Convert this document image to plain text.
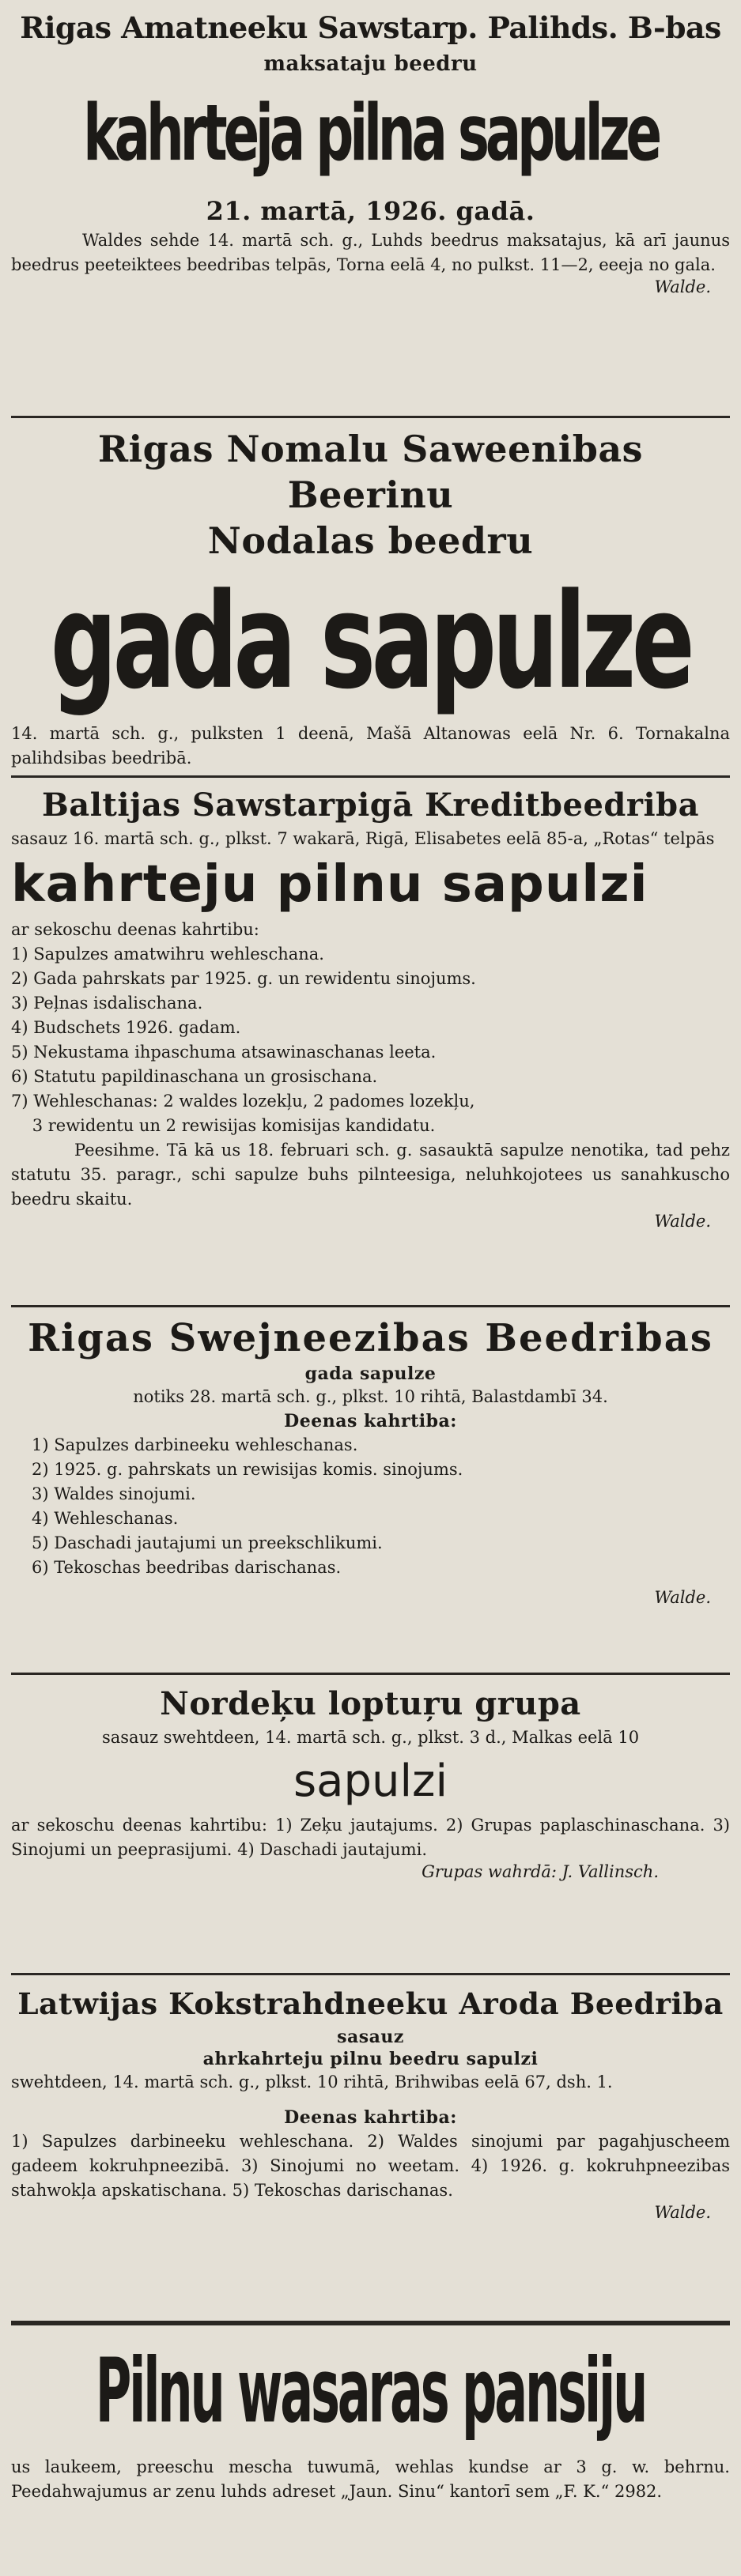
Rigas Amatneeku Sawstarp. Palihds. B-bas
maksataju beedru
kahrteja pilna sapulze
21. martā, 1926. gadā.
Waldes sehde 14. martā sch. g., Luhds beedrus maksatajus, kā arī jaunus beedrus peeteiktees beedribas telpās, Torna eelā 4, no pulkst. 11—2, eeeja no gala.
Walde.
Rigas Nomalu Saweenibas Beerinu
Nodalas beedru
gada sapulze
14. martā sch. g., pulksten 1 deenā, Mašā Altanowas eelā Nr. 6. Tornakalna palihdsibas beedribā.
Baltijas Sawstarpigā Kreditbeedriba
sasauz 16. martā sch. g., plkst. 7 wakarā, Rigā, Elisabetes eelā 85-a, „Rotas“ telpās
kahrteju pilnu sapulzi
ar sekoschu deenas kahrtibu:
1) Sapulzes amatwihru wehleschana.
2) Gada pahrskats par 1925. g. un rewidentu sinojums.
3) Peļnas isdalischana.
4) Budschets 1926. gadam.
5) Nekustama ihpaschuma atsawinaschanas leeta.
6) Statutu papildinaschana un grosischana.
7) Wehleschanas: 2 waldes lozekļu, 2 padomes lozekļu,
3 rewidentu un 2 rewisijas komisijas kandidatu.
Peesihme. Tā kā us 18. februari sch. g. sasauktā sapulze nenotika, tad pehz statutu 35. paragr., schi sapulze buhs pilnteesiga, neluhkojotees us sanahkuscho beedru skaitu.
Walde.
Rigas Swejneezibas Beedribas
gada sapulze
notiks 28. martā sch. g., plkst. 10 rihtā, Balastdambī 34.
Deenas kahrtiba:
1) Sapulzes darbineeku wehleschanas.
2) 1925. g. pahrskats un rewisijas komis. sinojums.
3) Waldes sinojumi.
4) Wehleschanas.
5) Daschadi jautajumi un preekschlikumi.
6) Tekoschas beedribas darischanas.
Walde.
Nordeķu loptuŗu grupa
sasauz swehtdeen, 14. martā sch. g., plkst. 3 d., Malkas eelā 10
sapulzi
ar sekoschu deenas kahrtibu: 1) Zeķu jautajums. 2) Grupas paplaschinaschana. 3) Sinojumi un peeprasijumi. 4) Daschadi jautajumi.
Grupas wahrdā: J. Vallinsch.
Latwijas Kokstrahdneeku Aroda Beedriba
sasauz
ahrkahrteju pilnu beedru sapulzi
swehtdeen, 14. martā sch. g., plkst. 10 rihtā, Brihwibas eelā 67, dsh. 1.
Deenas kahrtiba:
1) Sapulzes darbineeku wehleschana. 2) Waldes sinojumi par pagahjuscheem gadeem kokruhpneezibā. 3) Sinojumi no weetam. 4) 1926. g. kokruhpneezibas stahwokļa apskatischana. 5) Tekoschas darischanas.
Walde.
Pilnu wasaras pansiju
us laukeem, preeschu mescha tuwumā, wehlas kundse ar 3 g. w. behrnu. Peedahwajumus ar zenu luhds adreset „Jaun. Sinu“ kantorī sem „F. K.“ 2982.
